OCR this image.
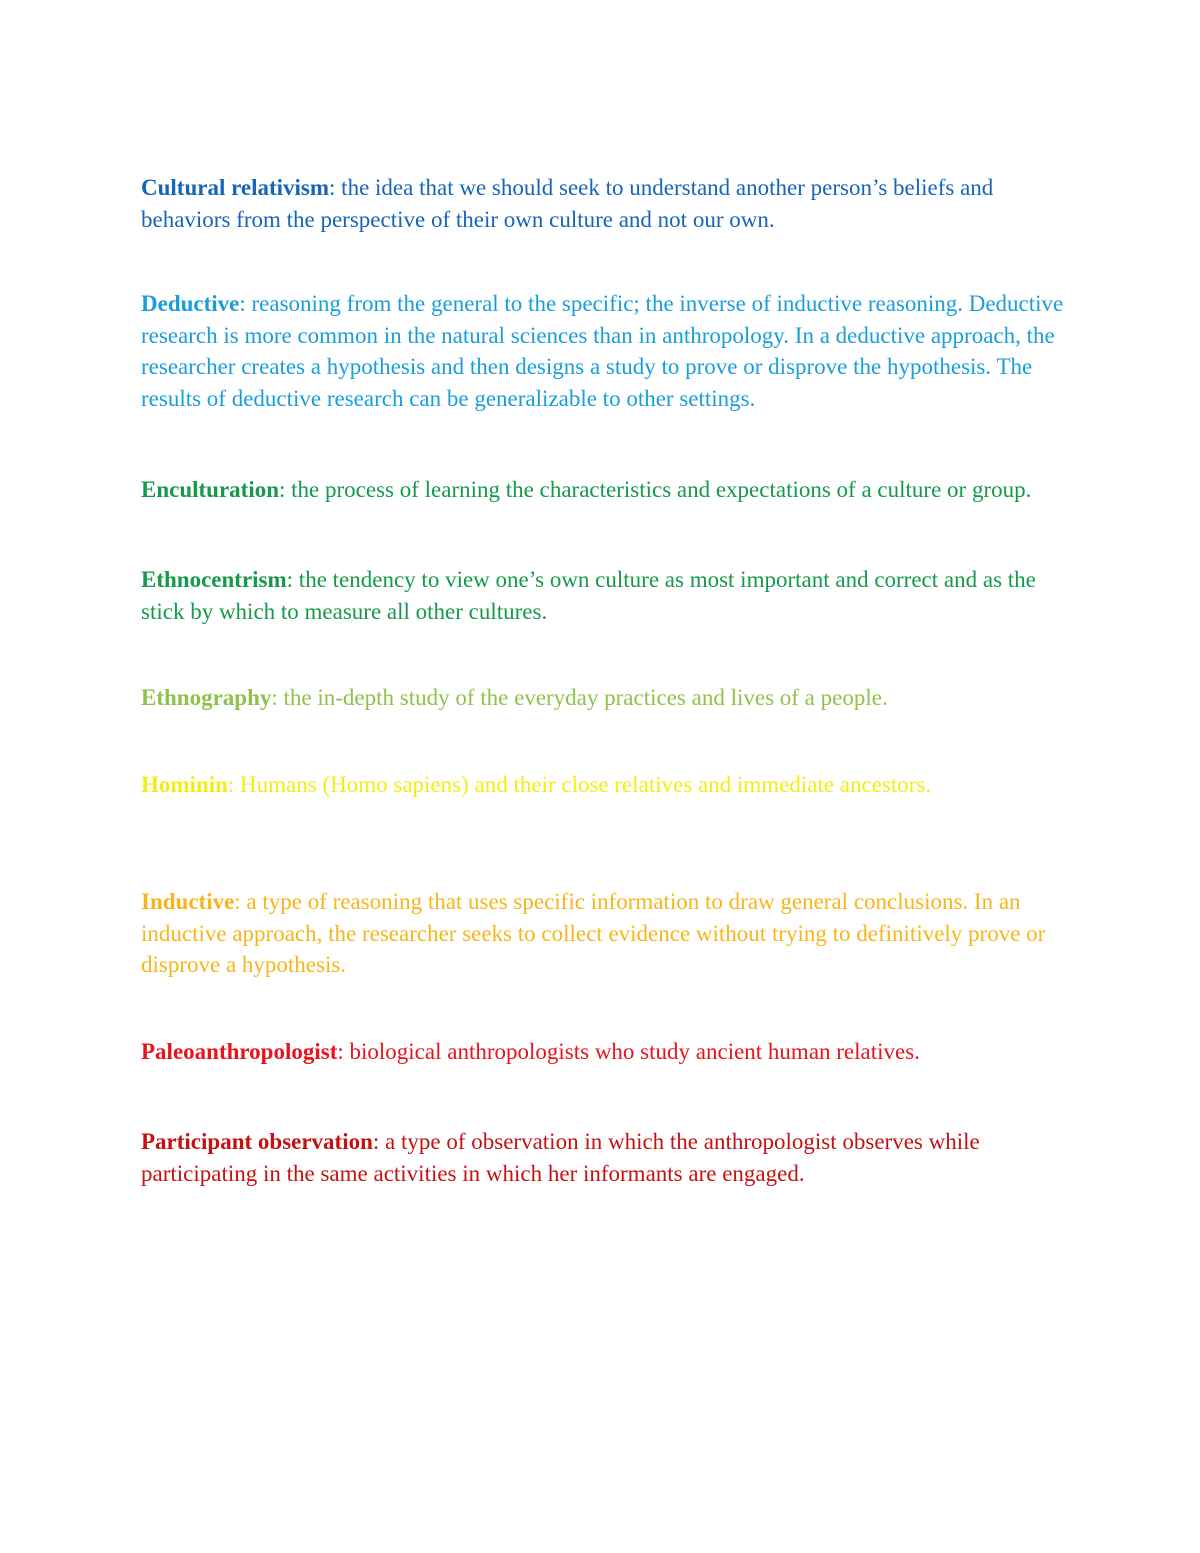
Cultural relativism: the idea that we should seek to understand another person’s beliefs and behaviors from the perspective of their own culture and not our own.

Deductive: reasoning from the general to the specific; the inverse of inductive reasoning. Deductive research is more common in the natural sciences than in anthropology. In a deductive approach, the researcher creates a hypothesis and then designs a study to prove or disprove the hypothesis. The results of deductive research can be generalizable to other settings.

Enculturation: the process of learning the characteristics and expectations of a culture or group.

Ethnocentrism: the tendency to view one’s own culture as most important and correct and as the stick by which to measure all other cultures.

Ethnography: the in-depth study of the everyday practices and lives of a people.

Hominin: Humans (Homo sapiens) and their close relatives and immediate ancestors.

Inductive: a type of reasoning that uses specific information to draw general conclusions. In an inductive approach, the researcher seeks to collect evidence without trying to definitively prove or disprove a hypothesis.

Paleoanthropologist: biological anthropologists who study ancient human relatives.

Participant observation: a type of observation in which the anthropologist observes while participating in the same activities in which her informants are engaged.
